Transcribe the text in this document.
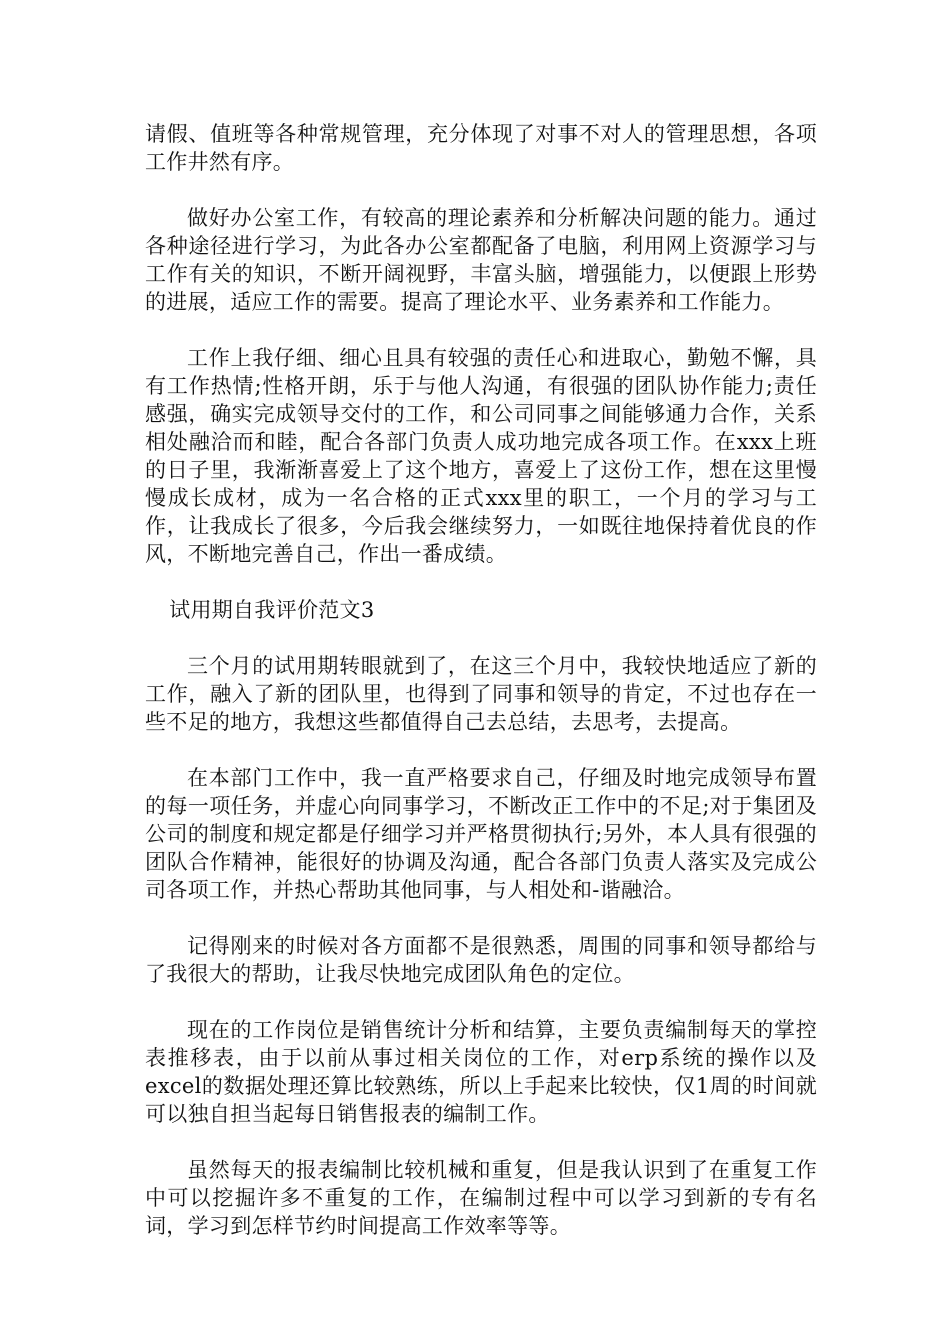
请假、值班等各种常规管理，充分体现了对事不对人的管理思想，各项工作井然有序。

做好办公室工作，有较高的理论素养和分析解决问题的能力。通过各种途径进行学习，为此各办公室都配备了电脑，利用网上资源学习与工作有关的知识，不断开阔视野，丰富头脑，增强能力，以便跟上形势的进展，适应工作的需要。提高了理论水平、业务素养和工作能力。

工作上我仔细、细心且具有较强的责任心和进取心，勤勉不懈，具有工作热情;性格开朗，乐于与他人沟通，有很强的团队协作能力;责任感强，确实完成领导交付的工作，和公司同事之间能够通力合作，关系相处融洽而和睦，配合各部门负责人成功地完成各项工作。在xxx上班的日子里，我渐渐喜爱上了这个地方，喜爱上了这份工作，想在这里慢慢成长成材，成为一名合格的正式xxx里的职工，一个月的学习与工作，让我成长了很多，今后我会继续努力，一如既往地保持着优良的作风，不断地完善自己，作出一番成绩。

试用期自我评价范文3

三个月的试用期转眼就到了，在这三个月中，我较快地适应了新的工作，融入了新的团队里，也得到了同事和领导的肯定，不过也存在一些不足的地方，我想这些都值得自己去总结，去思考，去提高。

在本部门工作中，我一直严格要求自己，仔细及时地完成领导布置的每一项任务，并虚心向同事学习，不断改正工作中的不足;对于集团及公司的制度和规定都是仔细学习并严格贯彻执行;另外，本人具有很强的团队合作精神，能很好的协调及沟通，配合各部门负责人落实及完成公司各项工作，并热心帮助其他同事，与人相处和-谐融洽。

记得刚来的时候对各方面都不是很熟悉，周围的同事和领导都给与了我很大的帮助，让我尽快地完成团队角色的定位。

现在的工作岗位是销售统计分析和结算，主要负责编制每天的掌控表推移表，由于以前从事过相关岗位的工作，对erp系统的操作以及excel的数据处理还算比较熟练，所以上手起来比较快，仅1周的时间就可以独自担当起每日销售报表的编制工作。

虽然每天的报表编制比较机械和重复，但是我认识到了在重复工作中可以挖掘许多不重复的工作，在编制过程中可以学习到新的专有名词，学习到怎样节约时间提高工作效率等等。
